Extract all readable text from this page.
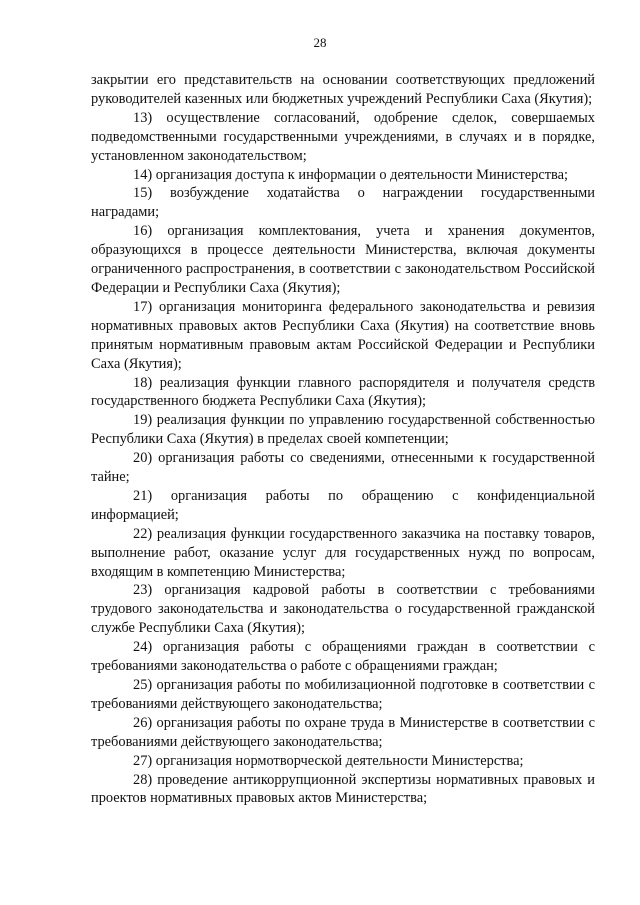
28

закрытии его представительств на основании соответствующих предложений руководителей казенных или бюджетных учреждений Республики Саха (Якутия);

13) осуществление согласований, одобрение сделок, совершаемых подведомственными государственными учреждениями, в случаях и в порядке, установленном законодательством;

14) организация доступа к информации о деятельности Министерства;

15) возбуждение ходатайства о награждении государственными наградами;

16) организация комплектования, учета и хранения документов, образующихся в процессе деятельности Министерства, включая документы ограниченного распространения, в соответствии с законодательством Российской Федерации и Республики Саха (Якутия);

17) организация мониторинга федерального законодательства и ревизия нормативных правовых актов Республики Саха (Якутия) на соответствие вновь принятым нормативным правовым актам Российской Федерации и Республики Саха (Якутия);

18) реализация функции главного распорядителя и получателя средств государственного бюджета Республики Саха (Якутия);

19) реализация функции по управлению государственной собственностью Республики Саха (Якутия) в пределах своей компетенции;

20) организация работы со сведениями, отнесенными к государственной тайне;

21) организация работы по обращению с конфиденциальной информацией;

22) реализация функции государственного заказчика на поставку товаров, выполнение работ, оказание услуг для государственных нужд по вопросам, входящим в компетенцию Министерства;

23) организация кадровой работы в соответствии с требованиями трудового законодательства и законодательства о государственной гражданской службе Республики Саха (Якутия);

24) организация работы с обращениями граждан в соответствии с требованиями законодательства о работе с обращениями граждан;

25) организация работы по мобилизационной подготовке в соответствии с требованиями действующего законодательства;

26) организация работы по охране труда в Министерстве в соответствии с требованиями действующего законодательства;

27) организация нормотворческой деятельности Министерства;

28) проведение антикоррупционной экспертизы нормативных правовых и проектов нормативных правовых актов Министерства;
